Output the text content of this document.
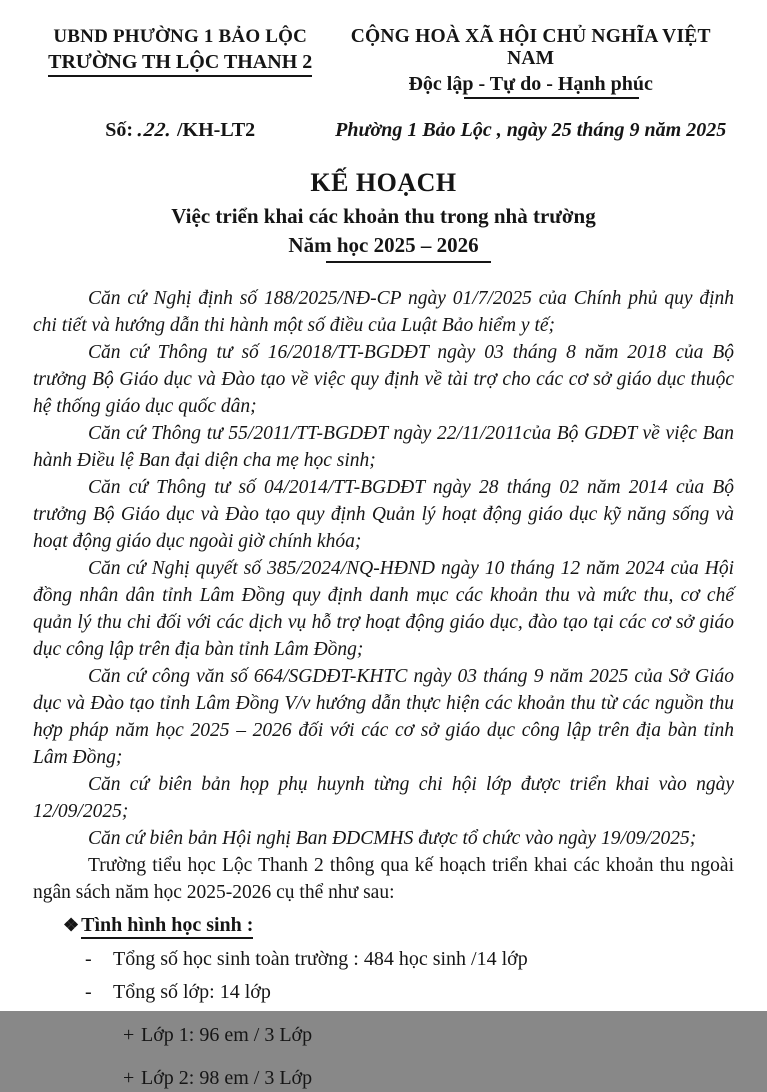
UBND PHƯỜNG 1 BẢO LỘC
TRƯỜNG TH LỘC THANH 2
CỘNG HOÀ XÃ HỘI CHỦ NGHĨA VIỆT NAM
Độc lập - Tự do - Hạnh phúc
Số: .22. /KH-LT2	Phường 1 Bảo Lộc , ngày 25 tháng 9 năm 2025
KẾ HOẠCH
Việc triển khai các khoản thu trong nhà trường
Năm học 2025 – 2026

Căn cứ Nghị định số 188/2025/NĐ-CP ngày 01/7/2025 của Chính phủ quy định chi tiết và hướng dẫn thi hành một số điều của Luật Bảo hiểm y tế;

Căn cứ Thông tư số 16/2018/TT-BGDĐT ngày 03 tháng 8 năm 2018 của Bộ trưởng Bộ Giáo dục và Đào tạo về việc quy định về tài trợ cho các cơ sở giáo dục thuộc hệ thống giáo dục quốc dân;

Căn cứ Thông tư 55/2011/TT-BGDĐT ngày 22/11/2011của Bộ GDĐT về việc Ban hành Điều lệ Ban đại diện cha mẹ học sinh;

Căn cứ Thông tư số 04/2014/TT-BGDĐT ngày 28 tháng 02 năm 2014 của Bộ trưởng Bộ Giáo dục và Đào tạo quy định Quản lý hoạt động giáo dục kỹ năng sống và hoạt động giáo dục ngoài giờ chính khóa;

Căn cứ Nghị quyết số 385/2024/NQ-HĐND ngày 10 tháng 12 năm 2024 của Hội đồng nhân dân tỉnh Lâm Đồng quy định danh mục các khoản thu và mức thu, cơ chế quản lý thu chi đối với các dịch vụ hỗ trợ hoạt động giáo dục, đào tạo tại các cơ sở giáo dục công lập trên địa bàn tỉnh Lâm Đồng;

Căn cứ công văn số 664/SGDĐT-KHTC ngày 03 tháng 9 năm 2025 của Sở Giáo dục và Đào tạo tỉnh Lâm Đồng V/v hướng dẫn thực hiện các khoản thu từ các nguồn thu hợp pháp năm học 2025 – 2026 đối với các cơ sở giáo dục công lập trên địa bàn tỉnh Lâm Đồng;

Căn cứ biên bản họp phụ huynh từng chi hội lớp được triển khai vào ngày 12/09/2025;

Căn cứ biên bản Hội nghị Ban ĐDCMHS được tổ chức vào ngày 19/09/2025;

Trường tiểu học Lộc Thanh 2 thông qua kế hoạch triển khai các khoản thu ngoài ngân sách năm học 2025-2026 cụ thể như sau:

❖ Tình hình học sinh :
-	Tổng số học sinh toàn trường : 484 học sinh /14 lớp
-	Tổng số lớp: 14 lớp
+ Lớp 1: 96 em / 3 Lớp
+ Lớp 2: 98 em / 3 Lớp
